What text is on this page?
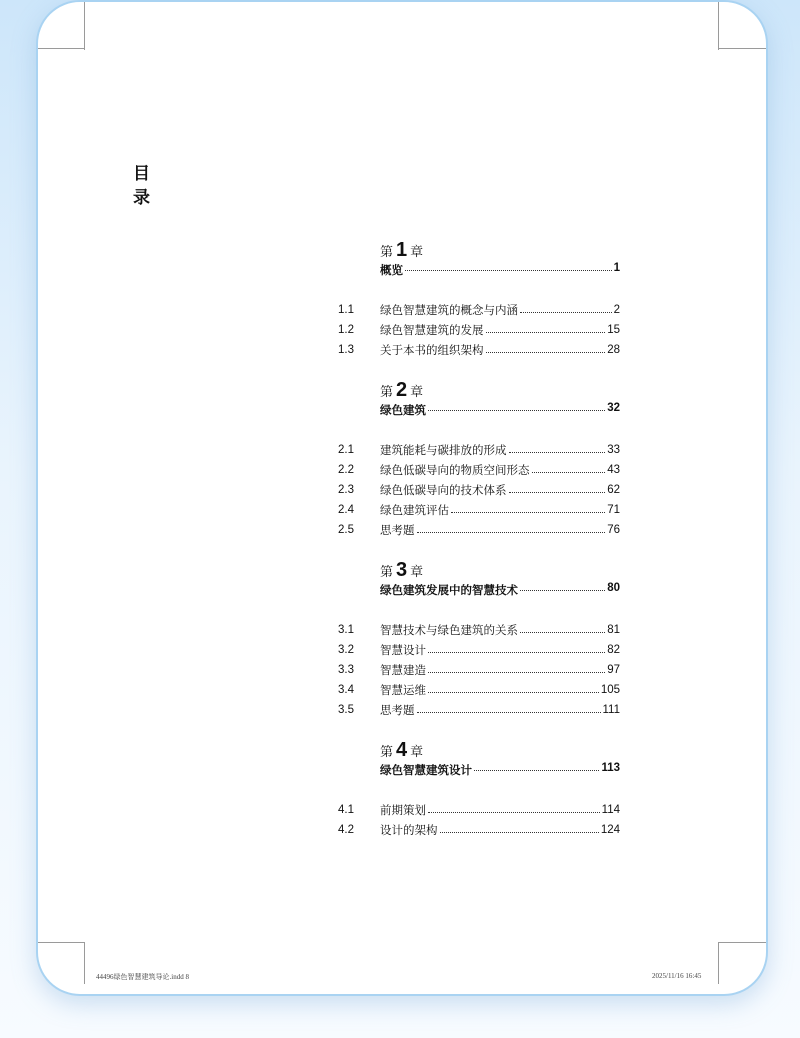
目
录
第 1 章
概览	1
1.1	绿色智慧建筑的概念与内涵	2
1.2	绿色智慧建筑的发展	15
1.3	关于本书的组织架构	28
第 2 章
绿色建筑	32
2.1	建筑能耗与碳排放的形成	33
2.2	绿色低碳导向的物质空间形态	43
2.3	绿色低碳导向的技术体系	62
2.4	绿色建筑评估	71
2.5	思考题	76
第 3 章
绿色建筑发展中的智慧技术	80
3.1	智慧技术与绿色建筑的关系	81
3.2	智慧设计	82
3.3	智慧建造	97
3.4	智慧运维	105
3.5	思考题	111
第 4 章
绿色智慧建筑设计	113
4.1	前期策划	114
4.2	设计的架构	124
44496绿色智慧建筑导论.indd 8	2025/11/16 16:45
